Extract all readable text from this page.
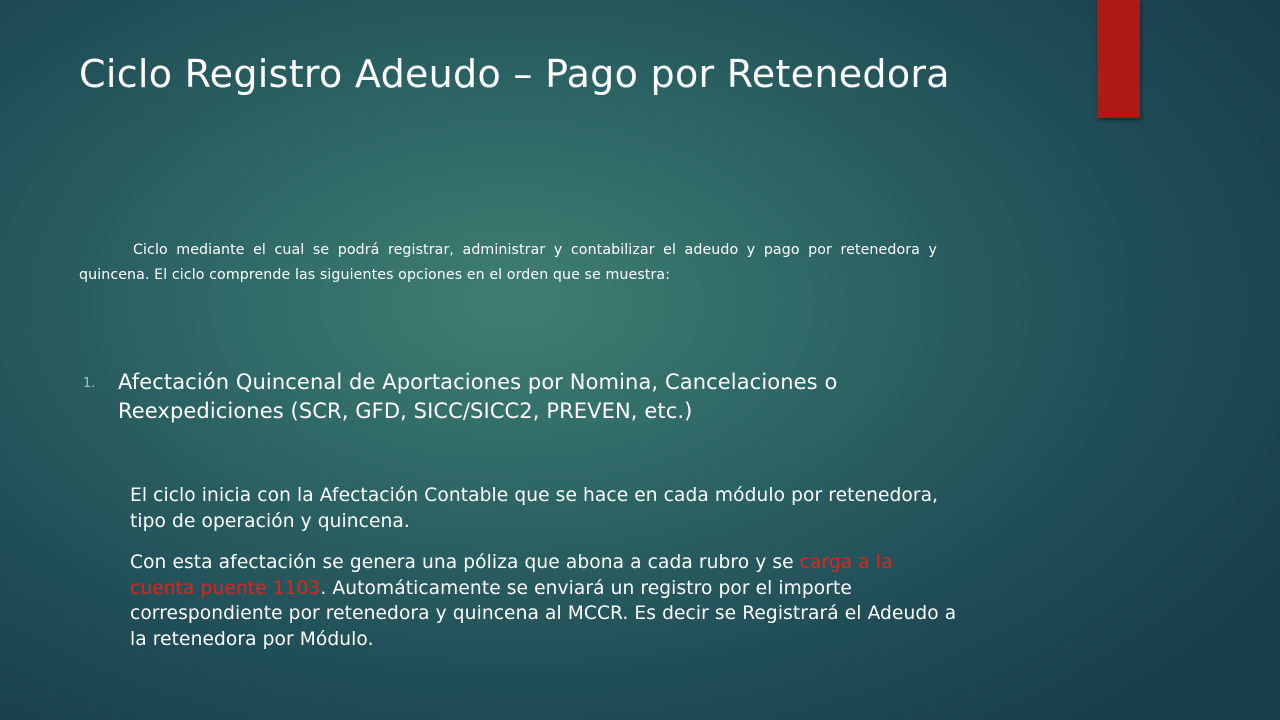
Ciclo Registro Adeudo – Pago por Retenedora

Ciclo mediante el cual se podrá registrar, administrar y contabilizar el adeudo y pago por retenedora y quincena. El ciclo comprende las siguientes opciones en el orden que se muestra:

1. Afectación Quincenal de Aportaciones por Nomina, Cancelaciones o Reexpediciones (SCR, GFD, SICC/SICC2, PREVEN, etc.)

El ciclo inicia con la Afectación Contable que se hace en cada módulo por retenedora, tipo de operación y quincena.

Con esta afectación se genera una póliza que abona a cada rubro y se carga a la cuenta puente 1103. Automáticamente se enviará un registro por el importe correspondiente por retenedora y quincena al MCCR. Es decir se Registrará el Adeudo a la retenedora por Módulo.
